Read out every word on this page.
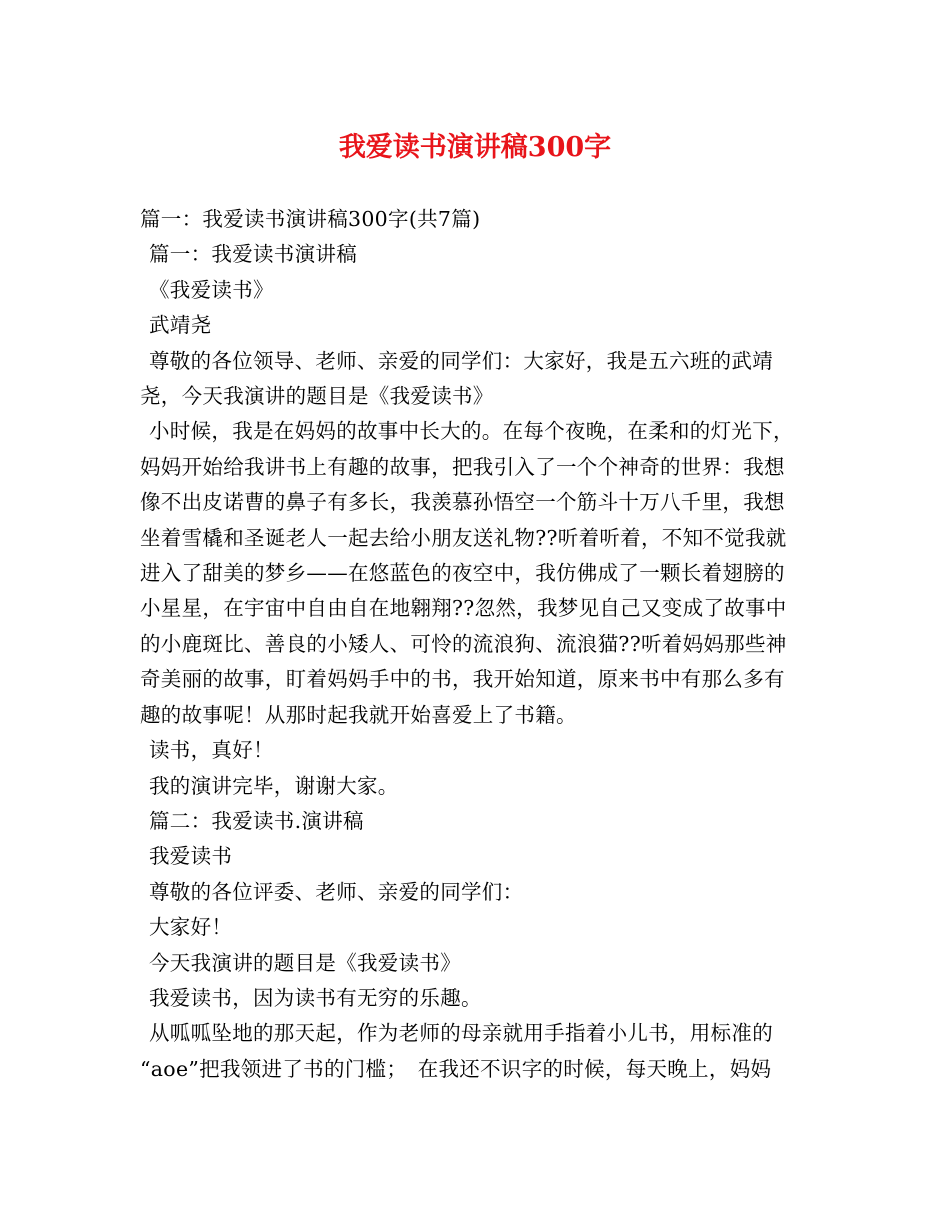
我爱读书演讲稿300字

篇一：我爱读书演讲稿300字(共7篇)

篇一：我爱读书演讲稿

《我爱读书》

武靖尧

尊敬的各位领导、老师、亲爱的同学们：大家好，我是五六班的武靖

尧，今天我演讲的题目是《我爱读书》

小时候，我是在妈妈的故事中长大的。在每个夜晚，在柔和的灯光下，

妈妈开始给我讲书上有趣的故事，把我引入了一个个神奇的世界：我想

像不出皮诺曹的鼻子有多长，我羡慕孙悟空一个筋斗十万八千里，我想

坐着雪橇和圣诞老人一起去给小朋友送礼物??听着听着，不知不觉我就

进入了甜美的梦乡——在悠蓝色的夜空中，我仿佛成了一颗长着翅膀的

小星星，在宇宙中自由自在地翱翔??忽然，我梦见自己又变成了故事中

的小鹿斑比、善良的小矮人、可怜的流浪狗、流浪猫??听着妈妈那些神

奇美丽的故事，盯着妈妈手中的书，我开始知道，原来书中有那么多有

趣的故事呢！从那时起我就开始喜爱上了书籍。

读书，真好！

我的演讲完毕，谢谢大家。

篇二：我爱读书.演讲稿

我爱读书

尊敬的各位评委、老师、亲爱的同学们：

大家好！

今天我演讲的题目是《我爱读书》

我爱读书，因为读书有无穷的乐趣。

从呱呱坠地的那天起，作为老师的母亲就用手指着小儿书，用标准的

“aoe”把我领进了书的门槛；　在我还不识字的时候，每天晚上，妈妈
